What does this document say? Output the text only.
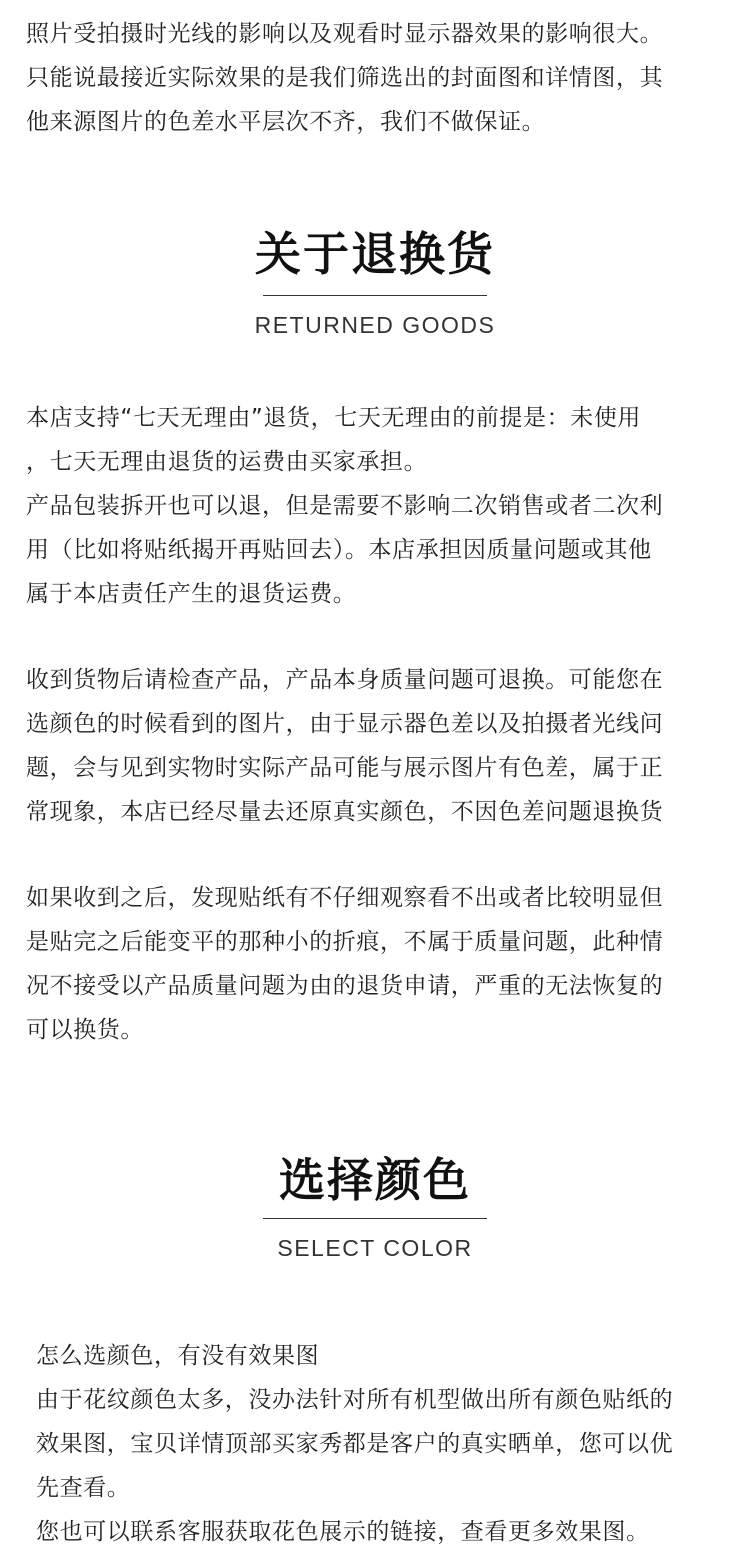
照片受拍摄时光线的影响以及观看时显示器效果的影响很大。
只能说最接近实际效果的是我们筛选出的封面图和详情图，其
他来源图片的色差水平层次不齐，我们不做保证。
关于退换货
RETURNED GOODS
本店支持“七天无理由”退货，七天无理由的前提是：未使用
，七天无理由退货的运费由买家承担。
产品包装拆开也可以退，但是需要不影响二次销售或者二次利
用（比如将贴纸揭开再贴回去）。本店承担因质量问题或其他
属于本店责任产生的退货运费。
收到货物后请检查产品，产品本身质量问题可退换。可能您在
选颜色的时候看到的图片，由于显示器色差以及拍摄者光线问
题，会与见到实物时实际产品可能与展示图片有色差，属于正
常现象，本店已经尽量去还原真实颜色，不因色差问题退换货
如果收到之后，发现贴纸有不仔细观察看不出或者比较明显但
是贴完之后能变平的那种小的折痕，不属于质量问题，此种情
况不接受以产品质量问题为由的退货申请，严重的无法恢复的
可以换货。
选择颜色
SELECT COLOR
怎么选颜色，有没有效果图
由于花纹颜色太多，没办法针对所有机型做出所有颜色贴纸的
效果图，宝贝详情顶部买家秀都是客户的真实晒单，您可以优
先查看。
您也可以联系客服获取花色展示的链接，查看更多效果图。
